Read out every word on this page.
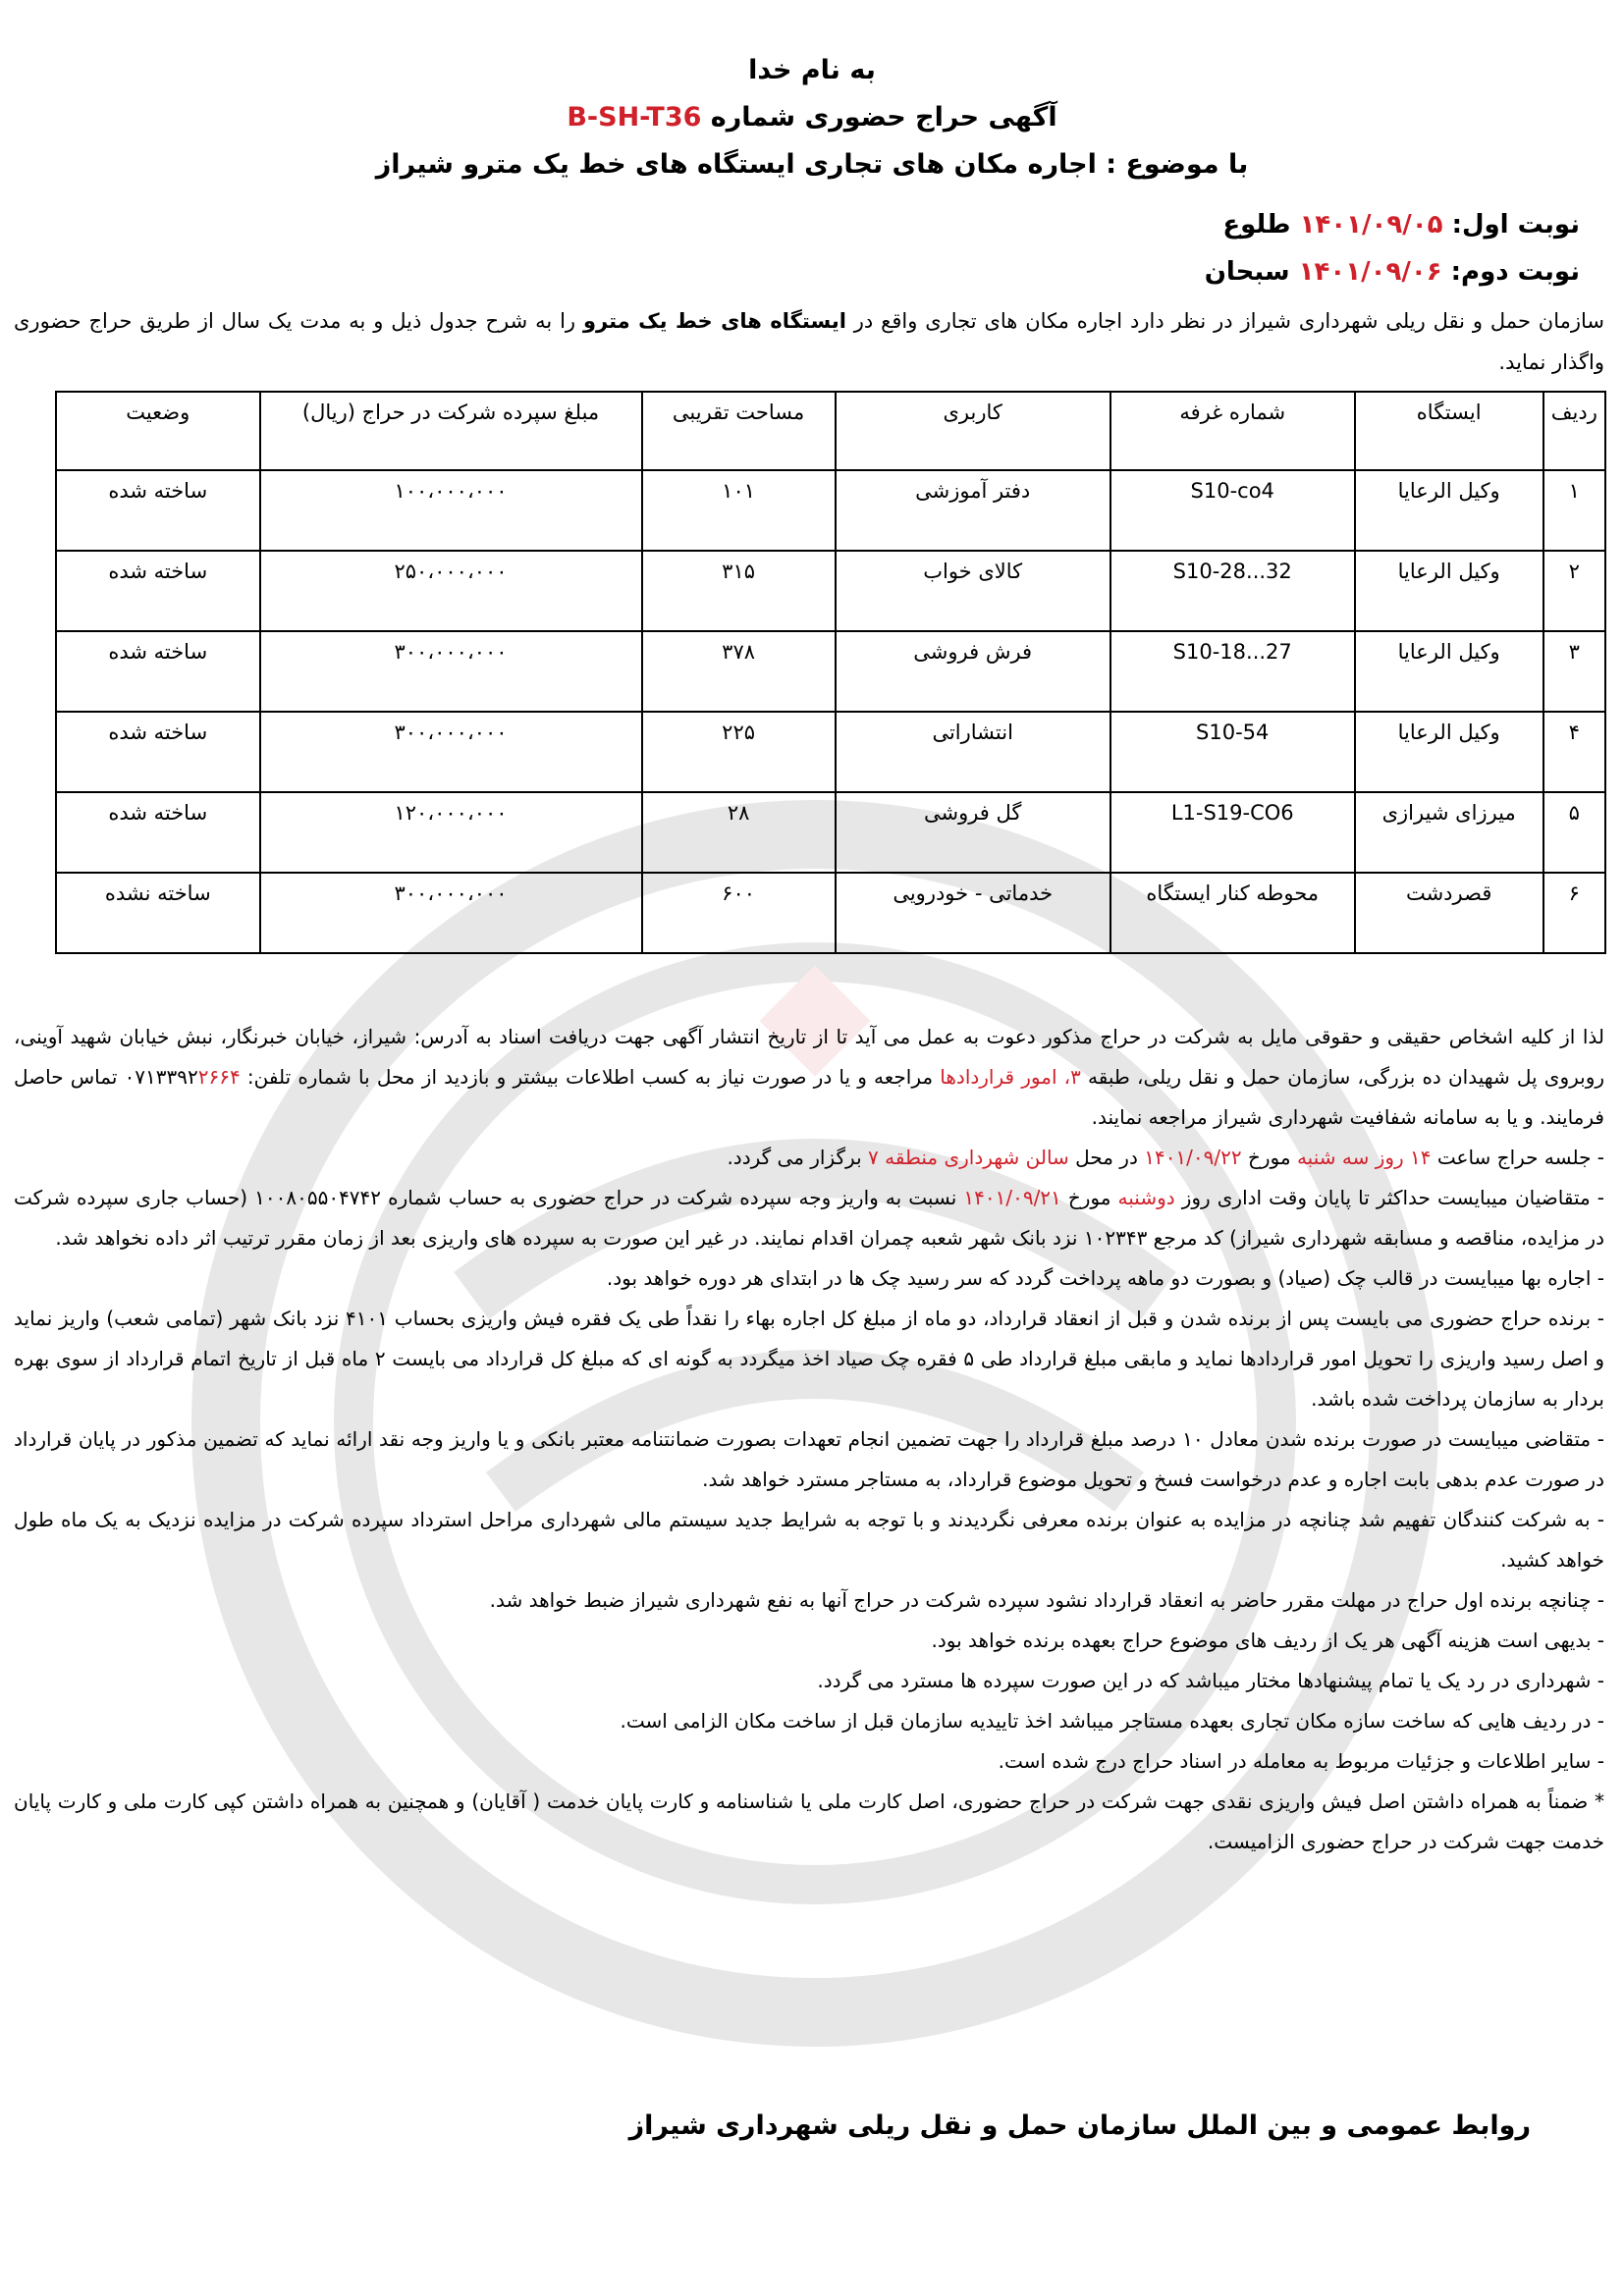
به نام خدا
آگهی حراج حضوری شماره B-SH-T36
با موضوع : اجاره مکان های تجاری ایستگاه های خط یک مترو شیراز
نوبت اول: ۱۴۰۱/۰۹/۰۵ طلوع
نوبت دوم: ۱۴۰۱/۰۹/۰۶ سبحان
سازمان حمل و نقل ریلی شهرداری شیراز در نظر دارد اجاره مکان های تجاری واقع در ایستگاه های خط یک مترو را به شرح جدول ذیل و به مدت یک سال از طریق حراج حضوری واگذار نماید.
ردیف	ایستگاه	شماره غرفه	کاربری	مساحت تقریبی	مبلغ سپرده شرکت در حراج (ریال)	وضعیت
۱	وکیل الرعایا	S10-co4	دفتر آموزشی	۱۰۱	۱۰۰،۰۰۰،۰۰۰	ساخته شده
۲	وکیل الرعایا	S10-28...32	کالای خواب	۳۱۵	۲۵۰،۰۰۰،۰۰۰	ساخته شده
۳	وکیل الرعایا	S10-18...27	فرش فروشی	۳۷۸	۳۰۰،۰۰۰،۰۰۰	ساخته شده
۴	وکیل الرعایا	S10-54	انتشاراتی	۲۲۵	۳۰۰،۰۰۰،۰۰۰	ساخته شده
۵	میرزای شیرازی	L1-S19-CO6	گل فروشی	۲۸	۱۲۰،۰۰۰،۰۰۰	ساخته شده
۶	قصردشت	محوطه کنار ایستگاه	خدماتی - خودرویی	۶۰۰	۳۰۰،۰۰۰،۰۰۰	ساخته نشده

لذا از کلیه اشخاص حقیقی و حقوقی مایل به شرکت در حراج مذکور دعوت به عمل می آید تا از تاریخ انتشار آگهی جهت دریافت اسناد به آدرس: شیراز، خیابان خبرنگار، نبش خیابان شهید آوینی، روبروی پل شهیدان ده بزرگی، سازمان حمل و نقل ریلی، طبقه ۳، امور قراردادها مراجعه و یا در صورت نیاز به کسب اطلاعات بیشتر و بازدید از محل با شماره تلفن: ۰۷۱۳۳۹۲۲۶۶۴ تماس حاصل فرمایند. و یا به سامانه شفافیت شهرداری شیراز مراجعه نمایند.

- جلسه حراج ساعت ۱۴ روز سه شنبه مورخ ۱۴۰۱/۰۹/۲۲ در محل سالن شهرداری منطقه ۷ برگزار می گردد.

- متقاضیان میبایست حداکثر تا پایان وقت اداری روز دوشنبه مورخ ۱۴۰۱/۰۹/۲۱ نسبت به واریز وجه سپرده شرکت در حراج حضوری به حساب شماره ۱۰۰۸۰۵۵۰۴۷۴۲ (حساب جاری سپرده شرکت در مزایده، مناقصه و مسابقه شهرداری شیراز) کد مرجع ۱۰۲۳۴۳ نزد بانک شهر شعبه چمران اقدام نمایند. در غیر این صورت به سپرده های واریزی بعد از زمان مقرر ترتیب اثر داده نخواهد شد.

- اجاره بها میبایست در قالب چک (صیاد) و بصورت دو ماهه پرداخت گردد که سر رسید چک ها در ابتدای هر دوره خواهد بود.

- برنده حراج حضوری می بایست پس از برنده شدن و قبل از انعقاد قرارداد، دو ماه از مبلغ کل اجاره بهاء را نقداً طی یک فقره فیش واریزی بحساب ۴۱۰۱ نزد بانک شهر (تمامی شعب) واریز نماید و اصل رسید واریزی را تحویل امور قراردادها نماید و مابقی مبلغ قرارداد طی ۵ فقره چک صیاد اخذ میگردد به گونه ای که مبلغ کل قرارداد می بایست ۲ ماه قبل از تاریخ اتمام قرارداد از سوی بهره بردار به سازمان پرداخت شده باشد.

- متقاضی میبایست در صورت برنده شدن معادل ۱۰ درصد مبلغ قرارداد را جهت تضمین انجام تعهدات بصورت ضمانتنامه معتبر بانکی و یا واریز وجه نقد ارائه نماید که تضمین مذکور در پایان قرارداد در صورت عدم بدهی بابت اجاره و عدم درخواست فسخ و تحویل موضوع قرارداد، به مستاجر مسترد خواهد شد.

- به شرکت کنندگان تفهیم شد چنانچه در مزایده به عنوان برنده معرفی نگردیدند و با توجه به شرایط جدید سیستم مالی شهرداری مراحل استرداد سپرده شرکت در مزایده نزدیک به یک ماه طول خواهد کشید.

- چنانچه برنده اول حراج در مهلت مقرر حاضر به انعقاد قرارداد نشود سپرده شرکت در حراج آنها به نفع شهرداری شیراز ضبط خواهد شد.

- بدیهی است هزینه آگهی هر یک از ردیف های موضوع حراج بعهده برنده خواهد بود.

- شهرداری در رد یک یا تمام پیشنهادها مختار میباشد که در این صورت سپرده ها مسترد می گردد.

- در ردیف هایی که ساخت سازه مکان تجاری بعهده مستاجر میباشد اخذ تاییدیه سازمان قبل از ساخت مکان الزامی است.

- سایر اطلاعات و جزئیات مربوط به معامله در اسناد حراج درج شده است.

* ضمناً به همراه داشتن اصل فیش واریزی نقدی جهت شرکت در حراج حضوری، اصل کارت ملی یا شناسنامه و کارت پایان خدمت ( آقایان) و همچنین به همراه داشتن کپی کارت ملی و کارت پایان خدمت جهت شرکت در حراج حضوری الزامیست.

روابط عمومی و بین الملل سازمان حمل و نقل ریلی شهرداری شیراز
